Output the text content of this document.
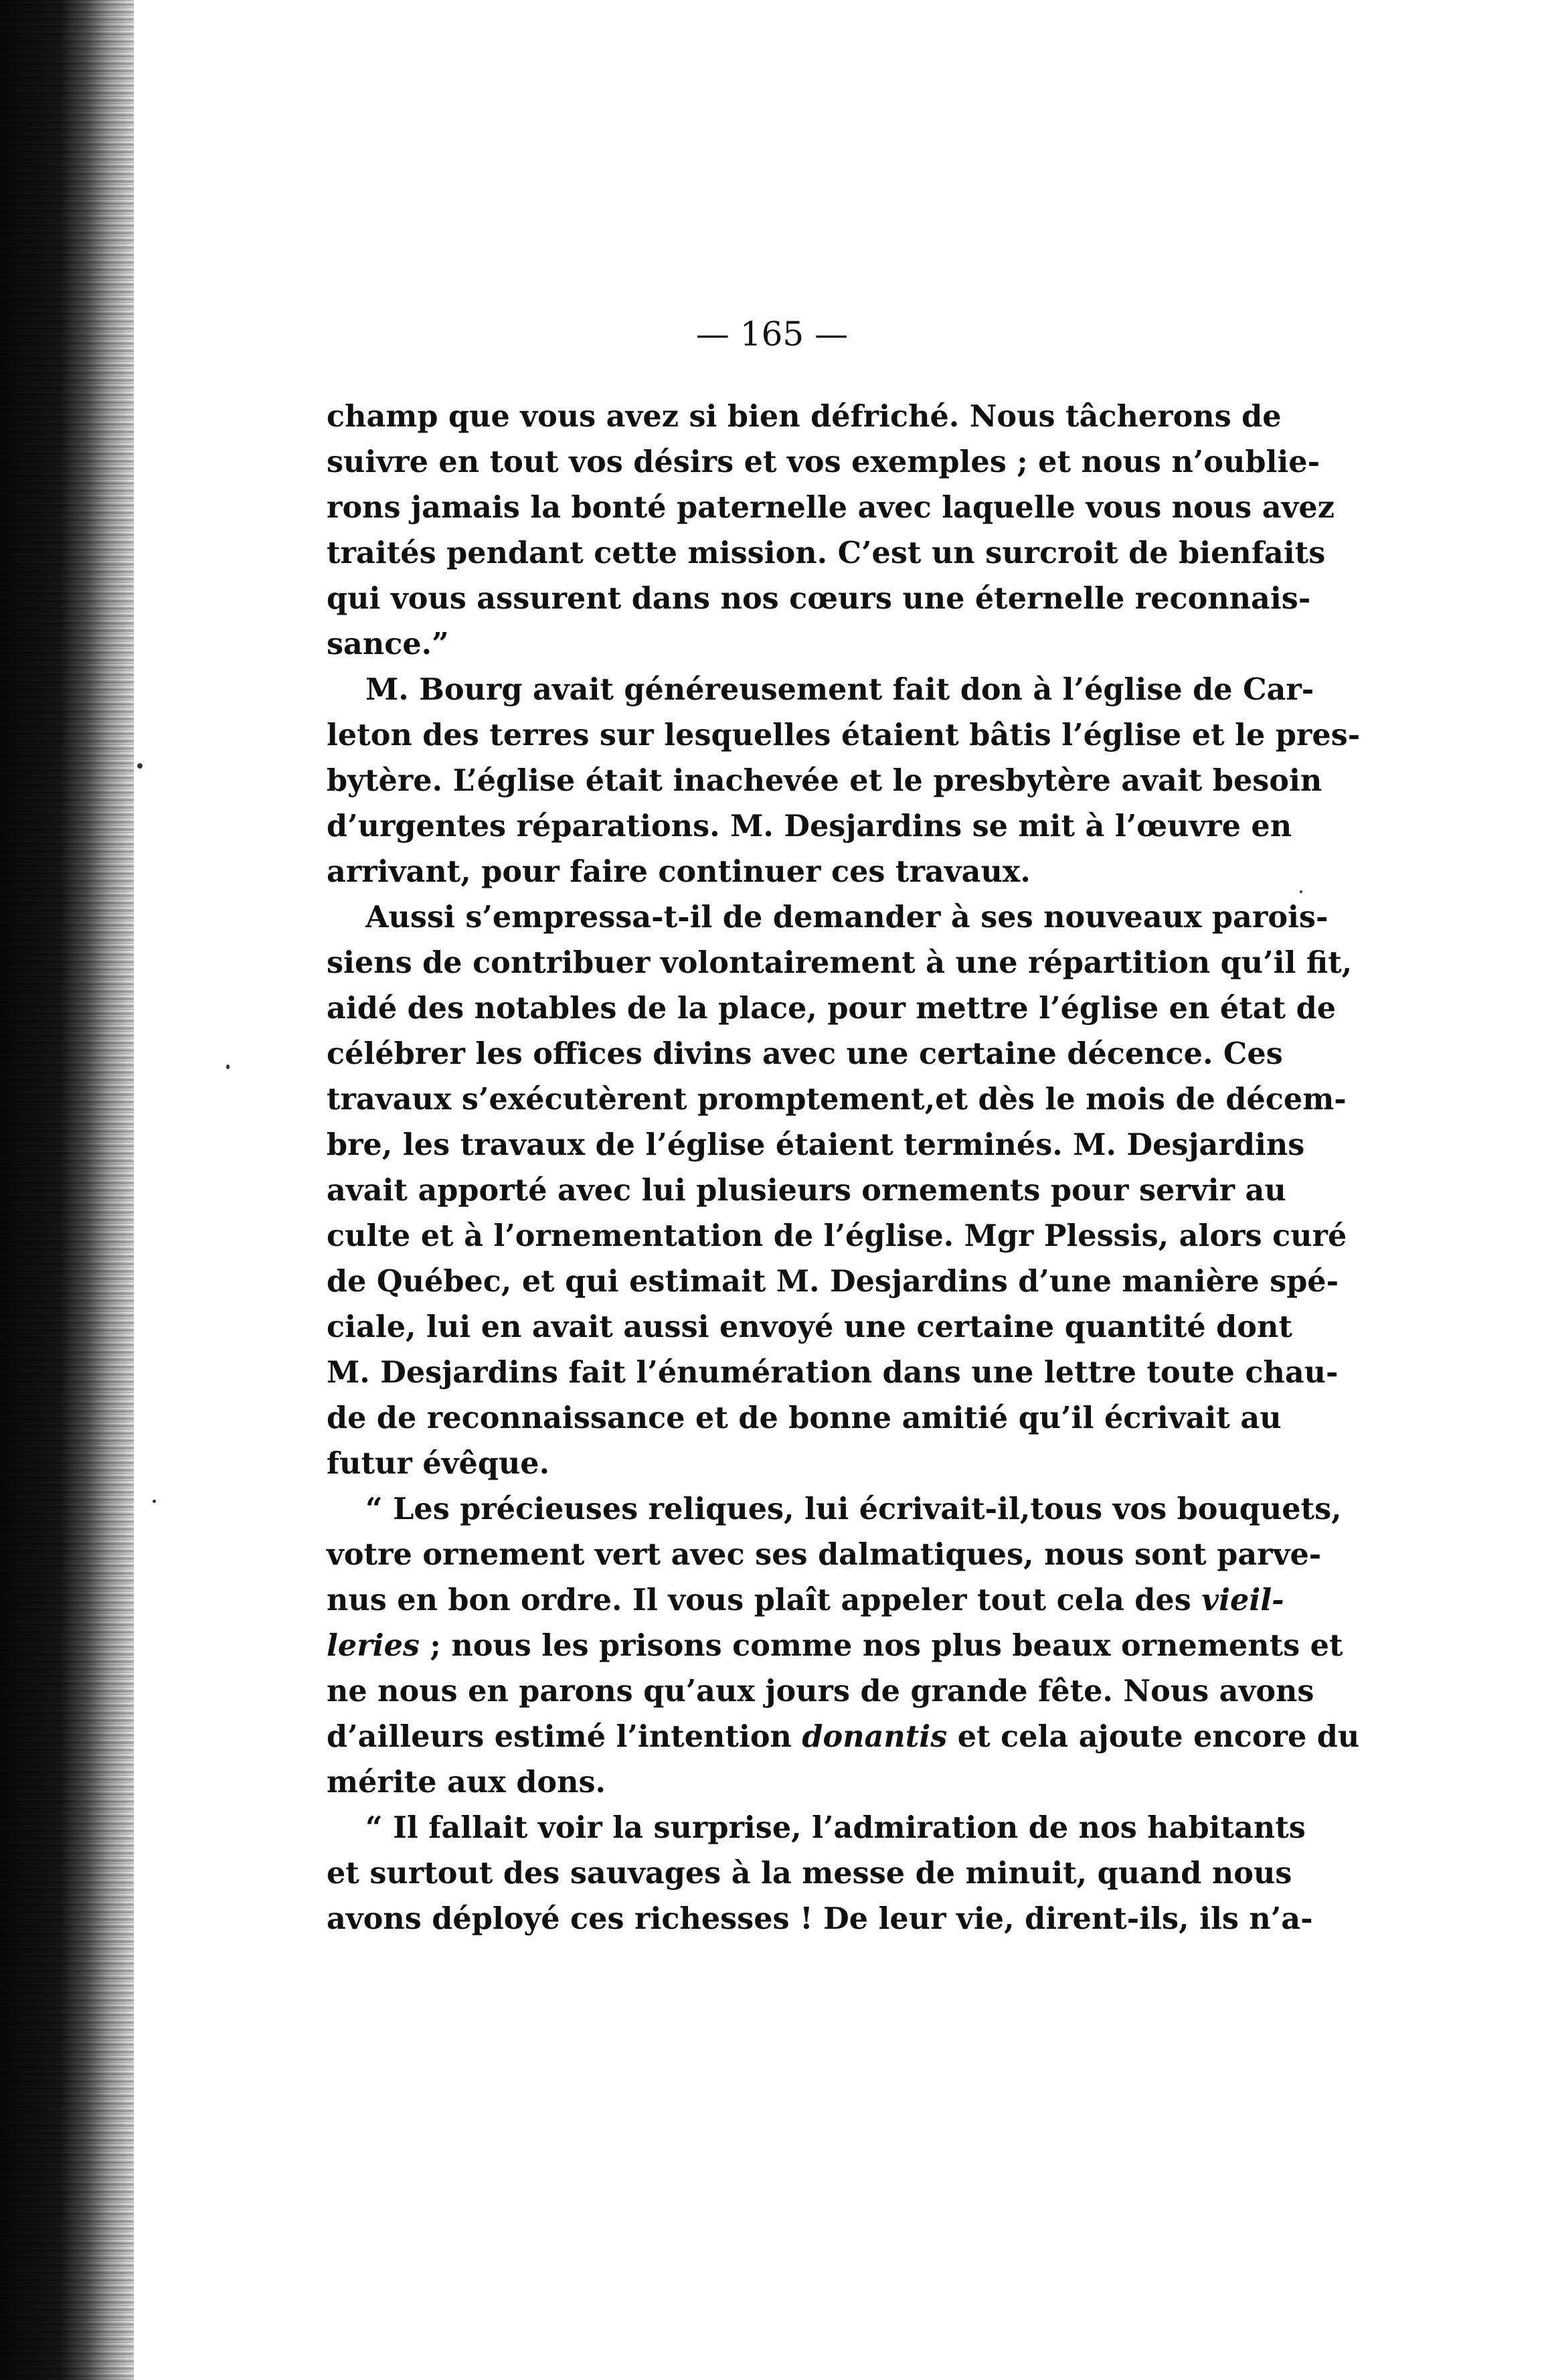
— 165 —
champ que vous avez si bien défriché. Nous tâcherons de
suivre en tout vos désirs et vos exemples ; et nous n’oublie-
rons jamais la bonté paternelle avec laquelle vous nous avez
traités pendant cette mission. C’est un surcroit de bienfaits
qui vous assurent dans nos cœurs une éternelle reconnais-
sance.”
M. Bourg avait généreusement fait don à l’église de Car-
leton des terres sur lesquelles étaient bâtis l’église et le pres-
bytère. L’église était inachevée et le presbytère avait besoin
d’urgentes réparations. M. Desjardins se mit à l’œuvre en
arrivant, pour faire continuer ces travaux.
Aussi s’empressa-t-il de demander à ses nouveaux parois-
siens de contribuer volontairement à une répartition qu’il fit,
aidé des notables de la place, pour mettre l’église en état de
célébrer les offices divins avec une certaine décence. Ces
travaux s’exécutèrent promptement,et dès le mois de décem-
bre, les travaux de l’église étaient terminés. M. Desjardins
avait apporté avec lui plusieurs ornements pour servir au
culte et à l’ornementation de l’église. Mgr Plessis, alors curé
de Québec, et qui estimait M. Desjardins d’une manière spé-
ciale, lui en avait aussi envoyé une certaine quantité dont
M. Desjardins fait l’énumération dans une lettre toute chau-
de de reconnaissance et de bonne amitié qu’il écrivait au
futur évêque.
“ Les précieuses reliques, lui écrivait-il,tous vos bouquets,
votre ornement vert avec ses dalmatiques, nous sont parve-
nus en bon ordre. Il vous plaît appeler tout cela des vieil-
leries ; nous les prisons comme nos plus beaux ornements et
ne nous en parons qu’aux jours de grande fête. Nous avons
d’ailleurs estimé l’intention donantis et cela ajoute encore du
mérite aux dons.
“ Il fallait voir la surprise, l’admiration de nos habitants
et surtout des sauvages à la messe de minuit, quand nous
avons déployé ces richesses ! De leur vie, dirent-ils, ils n’a-
